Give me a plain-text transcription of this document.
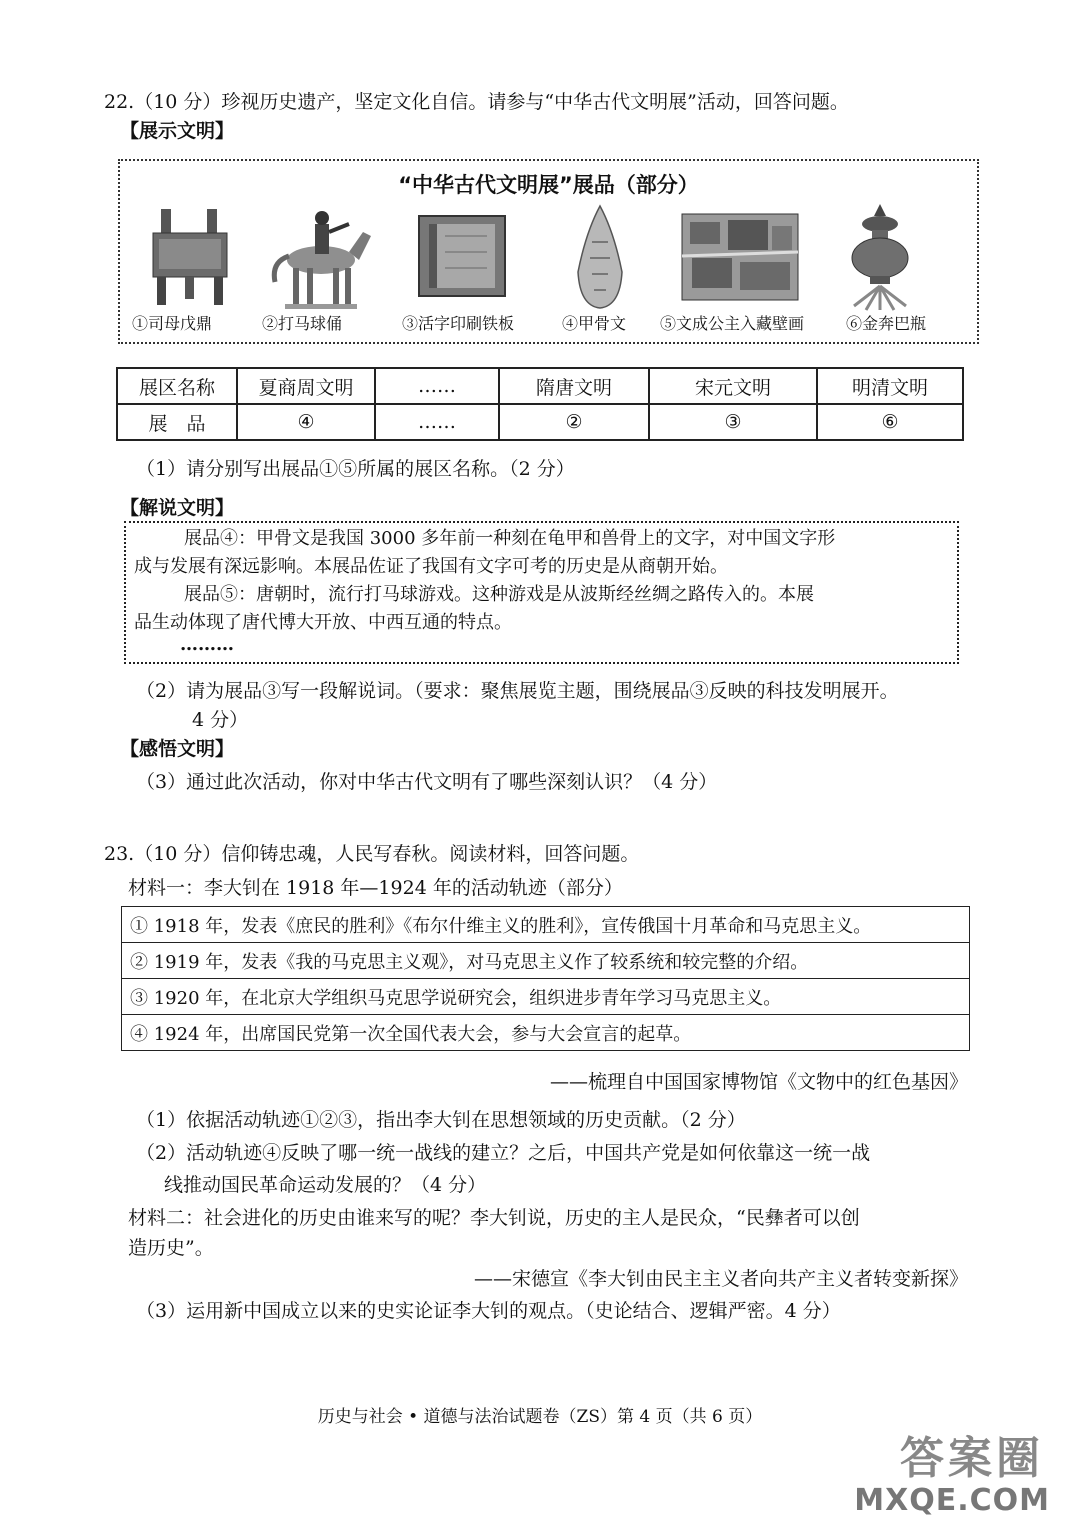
22.（10 分）珍视历史遗产，坚定文化自信。请参与“中华古代文明展”活动，回答问题。
【展示文明】
“中华古代文明展”展品（部分）
①司母戊鼎	②打马球俑	③活字印刷铁板	④甲骨文 ⑤文成公主入藏壁画	⑥金奔巴瓶
展区名称	夏商周文明	……	隋唐文明	宋元文明	明清文明
展　品	④	……	②	③	⑥
（1）请分别写出展品①⑤所属的展区名称。（2 分）
【解说文明】
展品④：甲骨文是我国 3000 多年前一种刻在龟甲和兽骨上的文字，对中国文字形
成与发展有深远影响。本展品佐证了我国有文字可考的历史是从商朝开始。
展品⑤：唐朝时，流行打马球游戏。这种游戏是从波斯经丝绸之路传入的。本展
品生动体现了唐代博大开放、中西互通的特点。
………
（2）请为展品③写一段解说词。（要求：聚焦展览主题，围绕展品③反映的科技发明展开。
4 分）
【感悟文明】
（3）通过此次活动，你对中华古代文明有了哪些深刻认识？（4 分）
23.（10 分）信仰铸忠魂，人民写春秋。阅读材料，回答问题。
材料一：李大钊在 1918 年—1924 年的活动轨迹（部分）
① 1918 年，发表《庶民的胜利》《布尔什维主义的胜利》，宣传俄国十月革命和马克思主义。
② 1919 年，发表《我的马克思主义观》，对马克思主义作了较系统和较完整的介绍。
③ 1920 年，在北京大学组织马克思学说研究会，组织进步青年学习马克思主义。
④ 1924 年，出席国民党第一次全国代表大会，参与大会宣言的起草。
——梳理自中国国家博物馆《文物中的红色基因》
（1）依据活动轨迹①②③，指出李大钊在思想领域的历史贡献。（2 分）
（2）活动轨迹④反映了哪一统一战线的建立？之后，中国共产党是如何依靠这一统一战
线推动国民革命运动发展的？（4 分）
材料二：社会进化的历史由谁来写的呢？李大钊说，历史的主人是民众，“民彝者可以创
造历史”。
——宋德宣《李大钊由民主主义者向共产主义者转变新探》
（3）运用新中国成立以来的史实论证李大钊的观点。（史论结合、逻辑严密。4 分）
历史与社会 • 道德与法治试题卷（ZS）第 4 页（共 6 页）
答案圈
MXQE.COM
